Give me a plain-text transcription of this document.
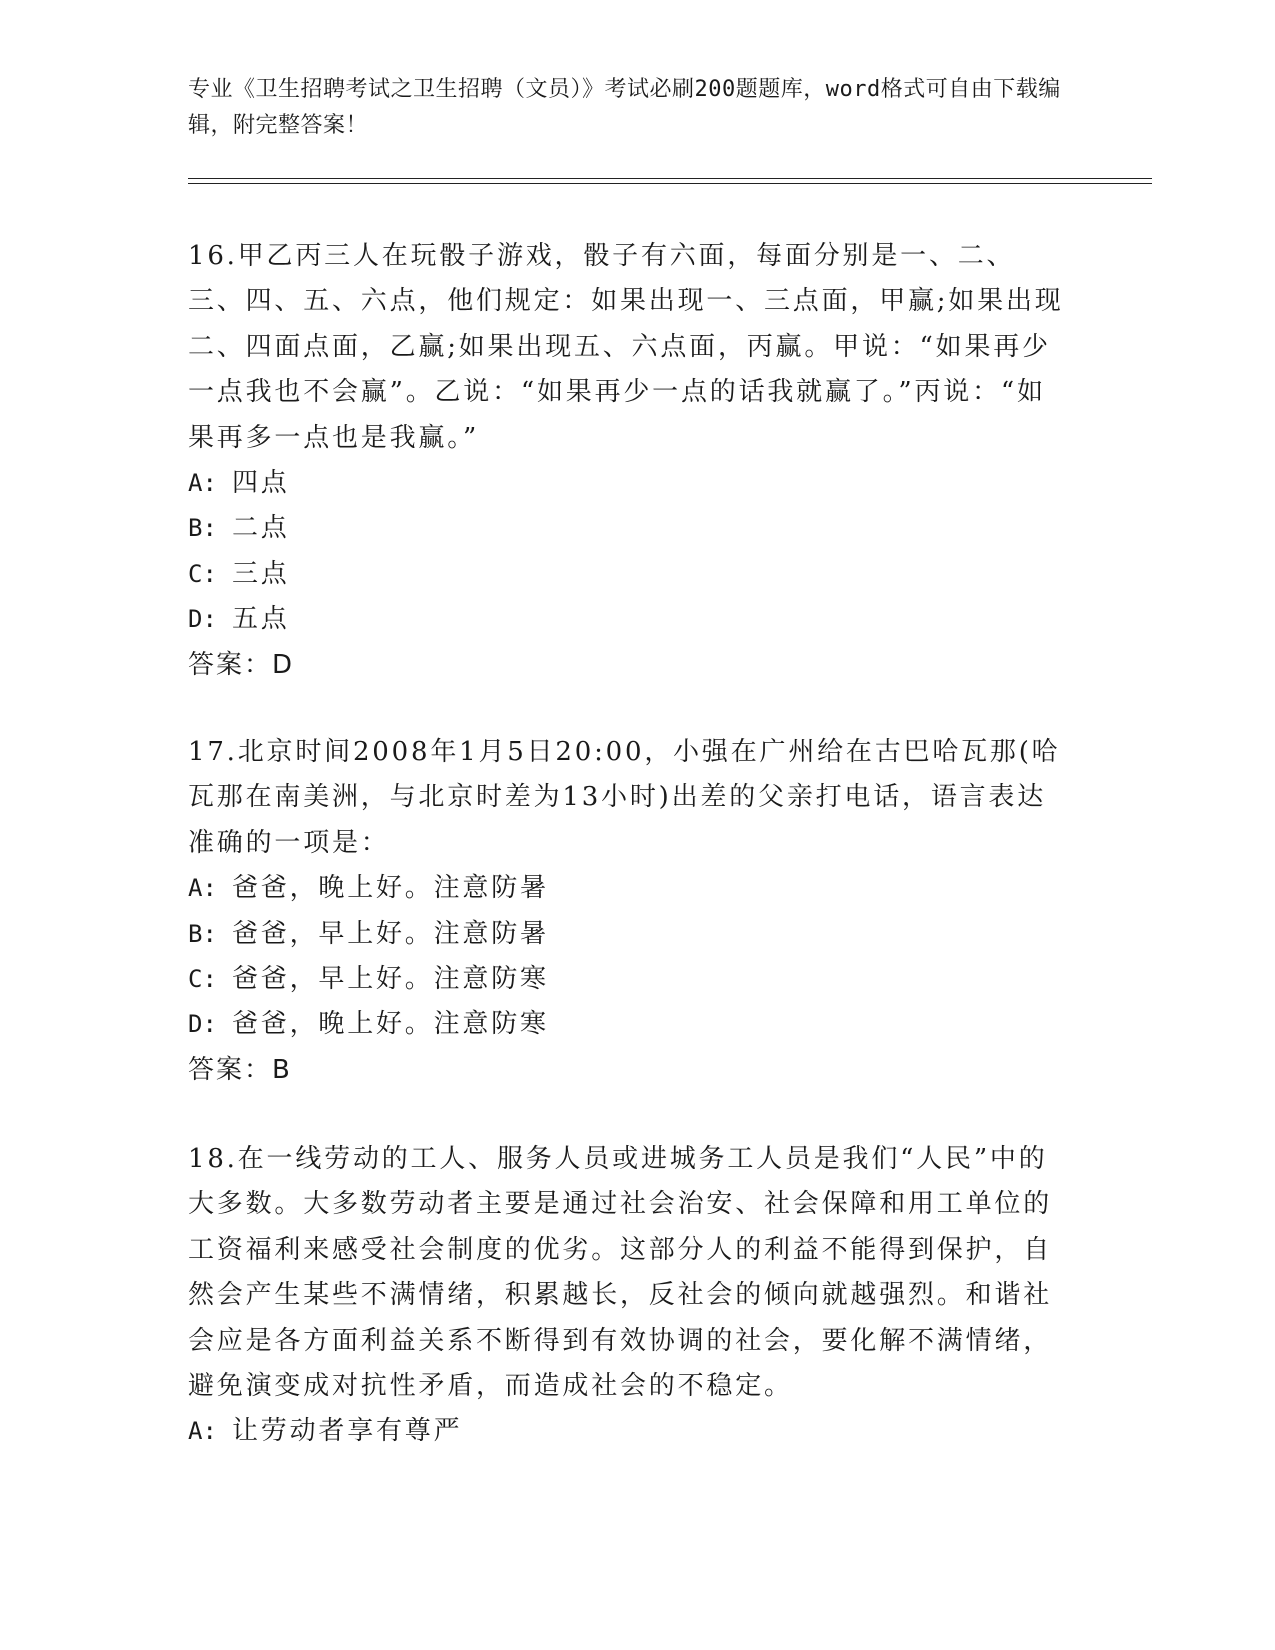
专业《卫生招聘考试之卫生招聘（文员）》考试必刷200题题库，word格式可自由下载编辑，附完整答案！

16.甲乙丙三人在玩骰子游戏，骰子有六面，每面分别是一、二、三、四、五、六点，他们规定：如果出现一、三点面，甲赢;如果出现二、四面点面，乙赢;如果出现五、六点面，丙赢。甲说：“如果再少一点我也不会赢”。乙说：“如果再少一点的话我就赢了。”丙说：“如果再多一点也是我赢。”

A: 四点

B: 二点

C: 三点

D: 五点

答案：D

17.北京时间2008年1月5日20:00，小强在广州给在古巴哈瓦那(哈瓦那在南美洲，与北京时差为13小时)出差的父亲打电话，语言表达准确的一项是：

A: 爸爸，晚上好。注意防暑

B: 爸爸，早上好。注意防暑

C: 爸爸，早上好。注意防寒

D: 爸爸，晚上好。注意防寒

答案：B

18.在一线劳动的工人、服务人员或进城务工人员是我们“人民”中的大多数。大多数劳动者主要是通过社会治安、社会保障和用工单位的工资福利来感受社会制度的优劣。这部分人的利益不能得到保护，自然会产生某些不满情绪，积累越长，反社会的倾向就越强烈。和谐社会应是各方面利益关系不断得到有效协调的社会，要化解不满情绪，避免演变成对抗性矛盾，而造成社会的不稳定。

A: 让劳动者享有尊严
